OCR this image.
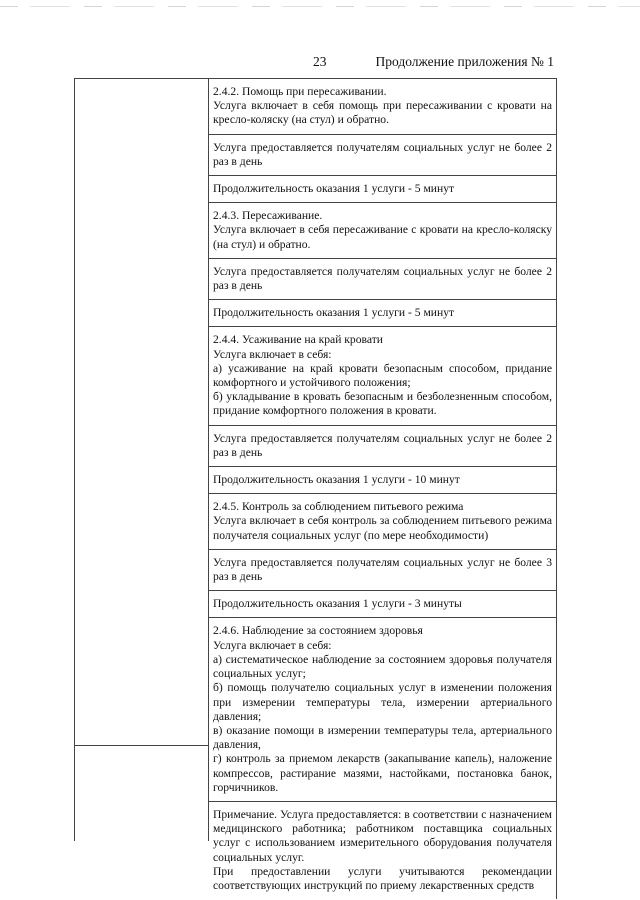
23	Продолжение приложения № 1

2.4.2. Помощь при пересаживании.

Услуга включает в себя помощь при пересаживании с кровати на кресло-коляску (на стул) и обратно.

Услуга предоставляется получателям социальных услуг не более 2 раз в день

Продолжительность оказания 1 услуги - 5 минут

2.4.3. Пересаживание.

Услуга включает в себя пересаживание с кровати на кресло-коляску (на стул) и обратно.

Услуга предоставляется получателям социальных услуг не более 2 раз в день

Продолжительность оказания 1 услуги - 5 минут

2.4.4. Усаживание на край кровати

Услуга включает в себя:

а) усаживание на край кровати безопасным способом, придание комфортного и устойчивого положения;

б) укладывание в кровать безопасным и безболезненным способом, придание комфортного положения в кровати.

Услуга предоставляется получателям социальных услуг не более 2 раз в день

Продолжительность оказания 1 услуги - 10 минут

2.4.5. Контроль за соблюдением питьевого режима

Услуга включает в себя контроль за соблюдением питьевого режима получателя социальных услуг (по мере необходимости)

Услуга предоставляется получателям социальных услуг не более 3 раз в день

Продолжительность оказания 1 услуги - 3 минуты

2.4.6. Наблюдение за состоянием здоровья

Услуга включает в себя:

а) систематическое наблюдение за состоянием здоровья получателя социальных услуг;

б) помощь получателю социальных услуг в изменении положения при измерении температуры тела, измерении артериального давления;

в) оказание помощи в измерении температуры тела, артериального давления,

г) контроль за приемом лекарств (закапывание капель), наложение компрессов, растирание мазями, настойками, постановка банок, горчичников.

Примечание. Услуга предоставляется: в соответствии с назначением медицинского работника; работником поставщика социальных услуг с использованием измерительного оборудования получателя социальных услуг.

При предоставлении услуги учитываются рекомендации соответствующих инструкций по приему лекарственных средств
